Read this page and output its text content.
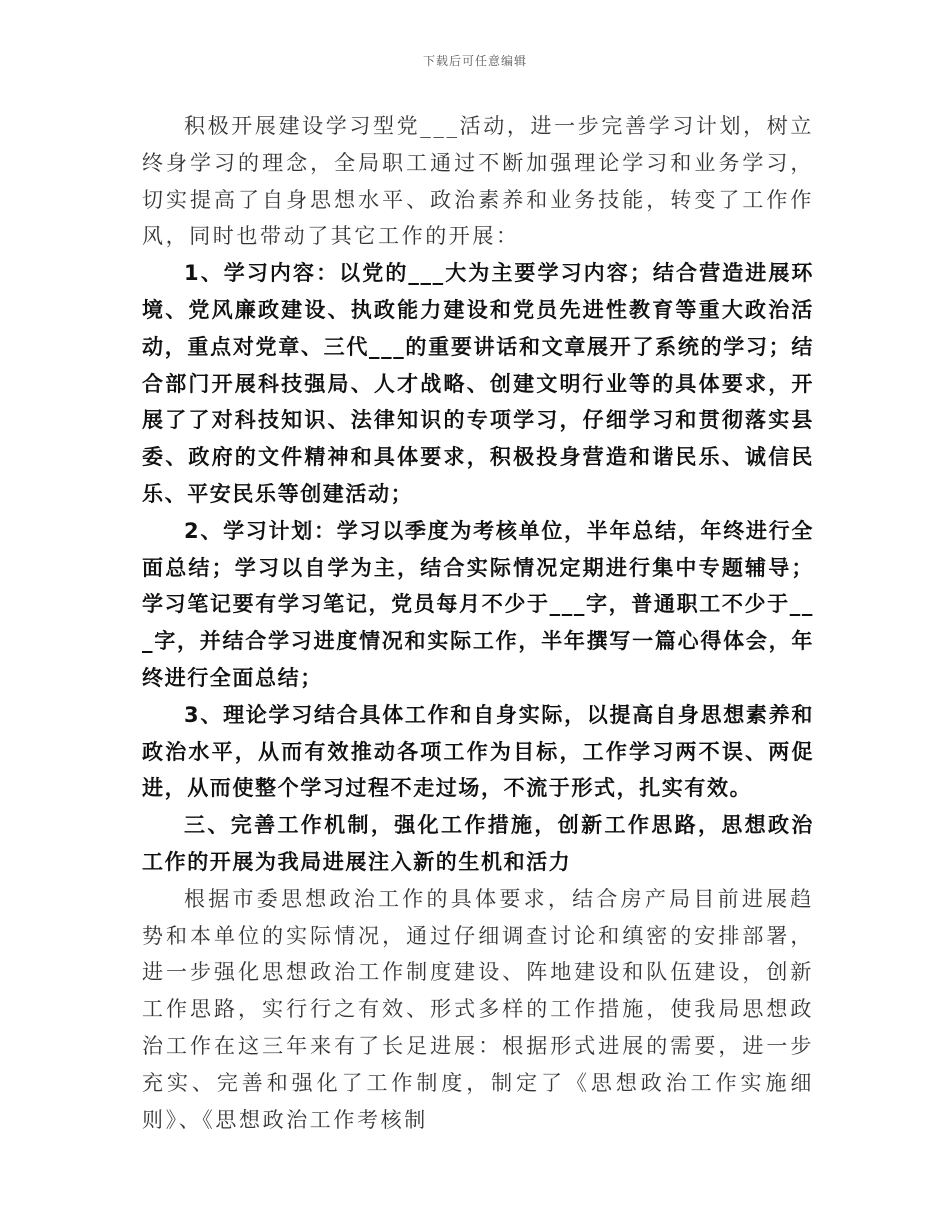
下载后可任意编辑

积极开展建设学习型党___活动，进一步完善学习计划，树立终身学习的理念，全局职工通过不断加强理论学习和业务学习，切实提高了自身思想水平、政治素养和业务技能，转变了工作作风，同时也带动了其它工作的开展：

1、学习内容：以党的___大为主要学习内容；结合营造进展环境、党风廉政建设、执政能力建设和党员先进性教育等重大政治活动，重点对党章、三代___的重要讲话和文章展开了系统的学习；结合部门开展科技强局、人才战略、创建文明行业等的具体要求，开展了了对科技知识、法律知识的专项学习，仔细学习和贯彻落实县委、政府的文件精神和具体要求，积极投身营造和谐民乐、诚信民乐、平安民乐等创建活动；

2、学习计划：学习以季度为考核单位，半年总结，年终进行全面总结；学习以自学为主，结合实际情况定期进行集中专题辅导；学习笔记要有学习笔记，党员每月不少于___字，普通职工不少于___字，并结合学习进度情况和实际工作，半年撰写一篇心得体会，年终进行全面总结；

3、理论学习结合具体工作和自身实际，以提高自身思想素养和政治水平，从而有效推动各项工作为目标，工作学习两不误、两促进，从而使整个学习过程不走过场，不流于形式，扎实有效。

三、完善工作机制，强化工作措施，创新工作思路，思想政治工作的开展为我局进展注入新的生机和活力

根据市委思想政治工作的具体要求，结合房产局目前进展趋势和本单位的实际情况，通过仔细调查讨论和缜密的安排部署，进一步强化思想政治工作制度建设、阵地建设和队伍建设，创新工作思路，实行行之有效、形式多样的工作措施，使我局思想政治工作在这三年来有了长足进展：根据形式进展的需要，进一步充实、完善和强化了工作制度，制定了《思想政治工作实施细则》、《思想政治工作考核制
